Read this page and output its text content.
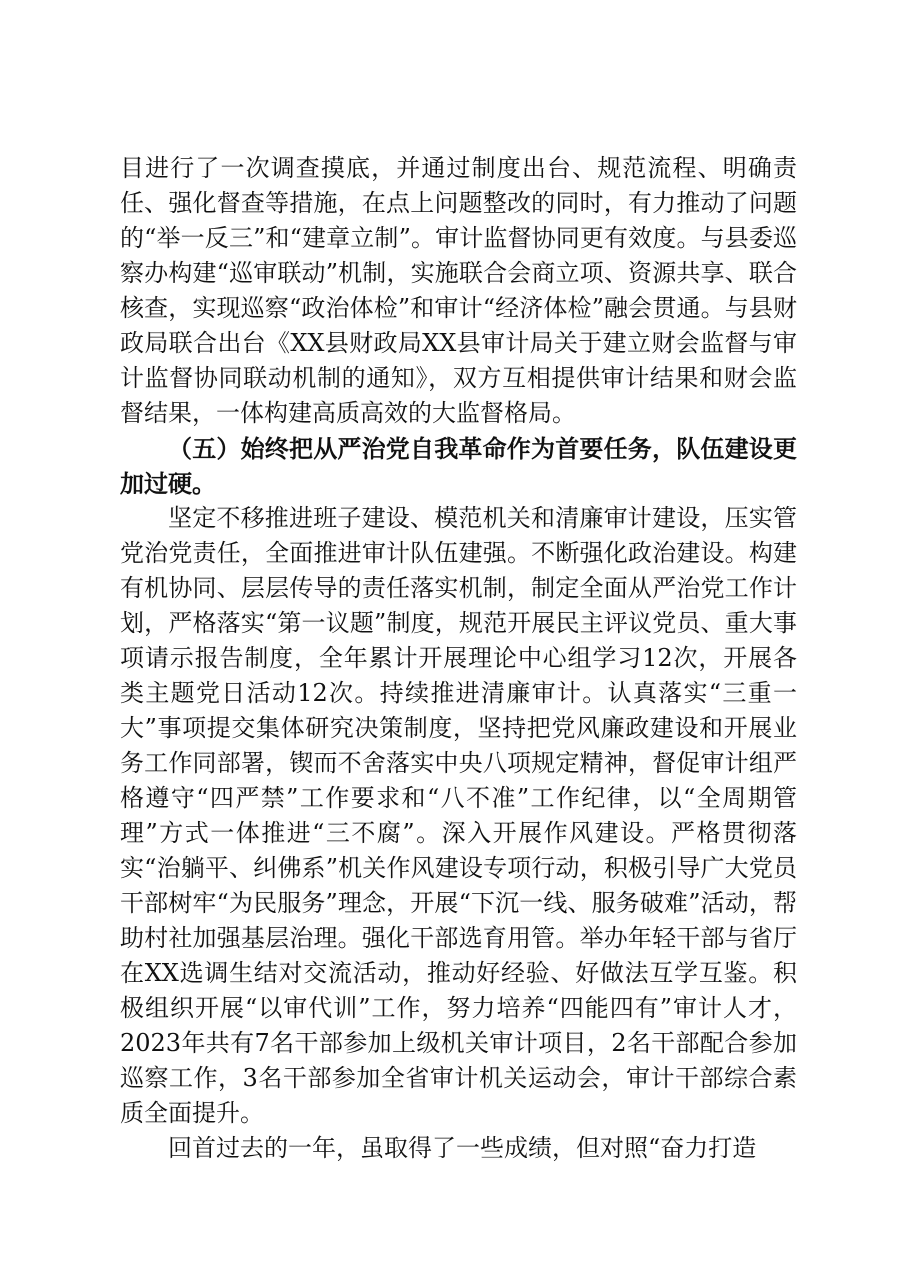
目进行了一次调查摸底，并通过制度出台、规范流程、明确责任、强化督查等措施，在点上问题整改的同时，有力推动了问题的“举一反三”和“建章立制”。审计监督协同更有效度。与县委巡察办构建“巡审联动”机制，实施联合会商立项、资源共享、联合核查，实现巡察“政治体检”和审计“经济体检”融会贯通。与县财政局联合出台《XX县财政局XX县审计局关于建立财会监督与审计监督协同联动机制的通知》，双方互相提供审计结果和财会监督结果，一体构建高质高效的大监督格局。

（五）始终把从严治党自我革命作为首要任务，队伍建设更加过硬。

坚定不移推进班子建设、模范机关和清廉审计建设，压实管党治党责任，全面推进审计队伍建强。不断强化政治建设。构建有机协同、层层传导的责任落实机制，制定全面从严治党工作计划，严格落实“第一议题”制度，规范开展民主评议党员、重大事项请示报告制度，全年累计开展理论中心组学习12次，开展各类主题党日活动12次。持续推进清廉审计。认真落实“三重一大”事项提交集体研究决策制度，坚持把党风廉政建设和开展业务工作同部署，锲而不舍落实中央八项规定精神，督促审计组严格遵守“四严禁”工作要求和“八不准”工作纪律，以“全周期管理”方式一体推进“三不腐”。深入开展作风建设。严格贯彻落实“治躺平、纠佛系”机关作风建设专项行动，积极引导广大党员干部树牢“为民服务”理念，开展“下沉一线、服务破难”活动，帮助村社加强基层治理。强化干部选育用管。举办年轻干部与省厅在XX选调生结对交流活动，推动好经验、好做法互学互鉴。积极组织开展“以审代训”工作，努力培养“四能四有”审计人才，2023年共有7名干部参加上级机关审计项目，2名干部配合参加巡察工作，3名干部参加全省审计机关运动会，审计干部综合素质全面提升。

回首过去的一年，虽取得了一些成绩，但对照“奋力打造
